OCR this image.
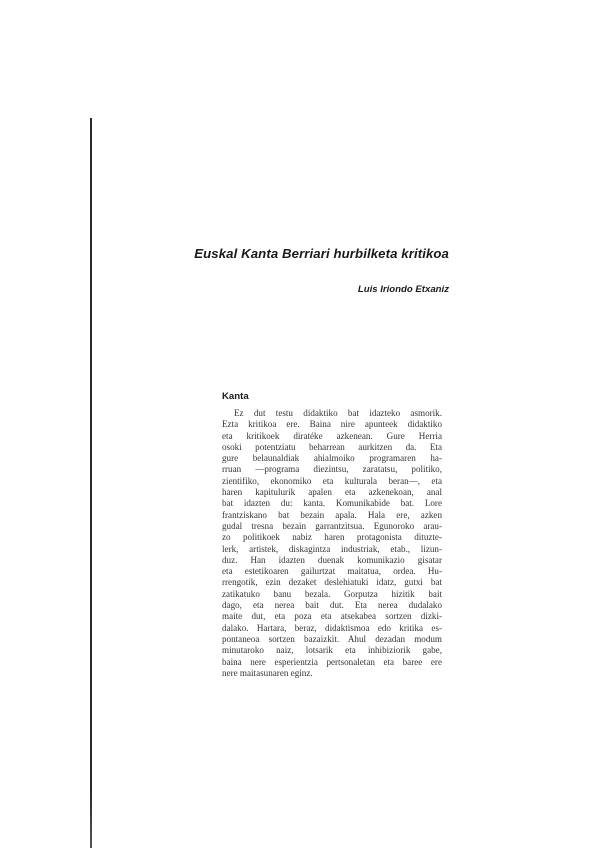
Euskal Kanta Berriari hurbilketa kritikoa
Luis Iriondo Etxaniz
Kanta
Ez dut testu didaktiko bat idazteko asmorik.
Ezta kritikoa ere. Baina nire apunteek didaktiko
eta kritikoek diratéke azkenean. Gure Herria
osoki potentziatu beharrean aurkitzen da. Eta
gure belaunaldiak ahialmoiko programaren ha-
rruan —programa diezintsu, zaratatsu, politiko,
zientifiko, ekonomiko eta kulturala beran—, eta
haren kapitulurik apalen eta azkenekoan, anal
bat idazten du: kanta. Komunikabide bat. Lore
frantziskano bat bezain apala. Hala ere, azken
gudal tresna bezain garrantzitsua. Egunoroko arau-
zo politikoek nabiz haren protagonista dituzte-
lerk, artistek, diskagintza industriak, etab., lizun-
duz. Han idazten duenak komunikazio gisatar
eta estetikoaren gailurtzat maitatua, ordea. Hu-
rrengotik, ezin dezaket deslehiatuki idatz, gutxi bat
zatikatuko banu bezala. Gorputza hizitik bait
dago, eta nerea bait dut. Eta nerea dudalako
maite dut, eta poza eta atsekabea sortzen dizki-
dalako. Hartara, beraz, didaktismoa edo kritika es-
pontaneoa sortzen bazaizkit. Ahul dezadan modum
minutaroko naiz, lotsarik eta inhibiziorik gabe,
baina nere esperientzia pertsonaletan eta baree ere
nere maitasunaren eginz.
